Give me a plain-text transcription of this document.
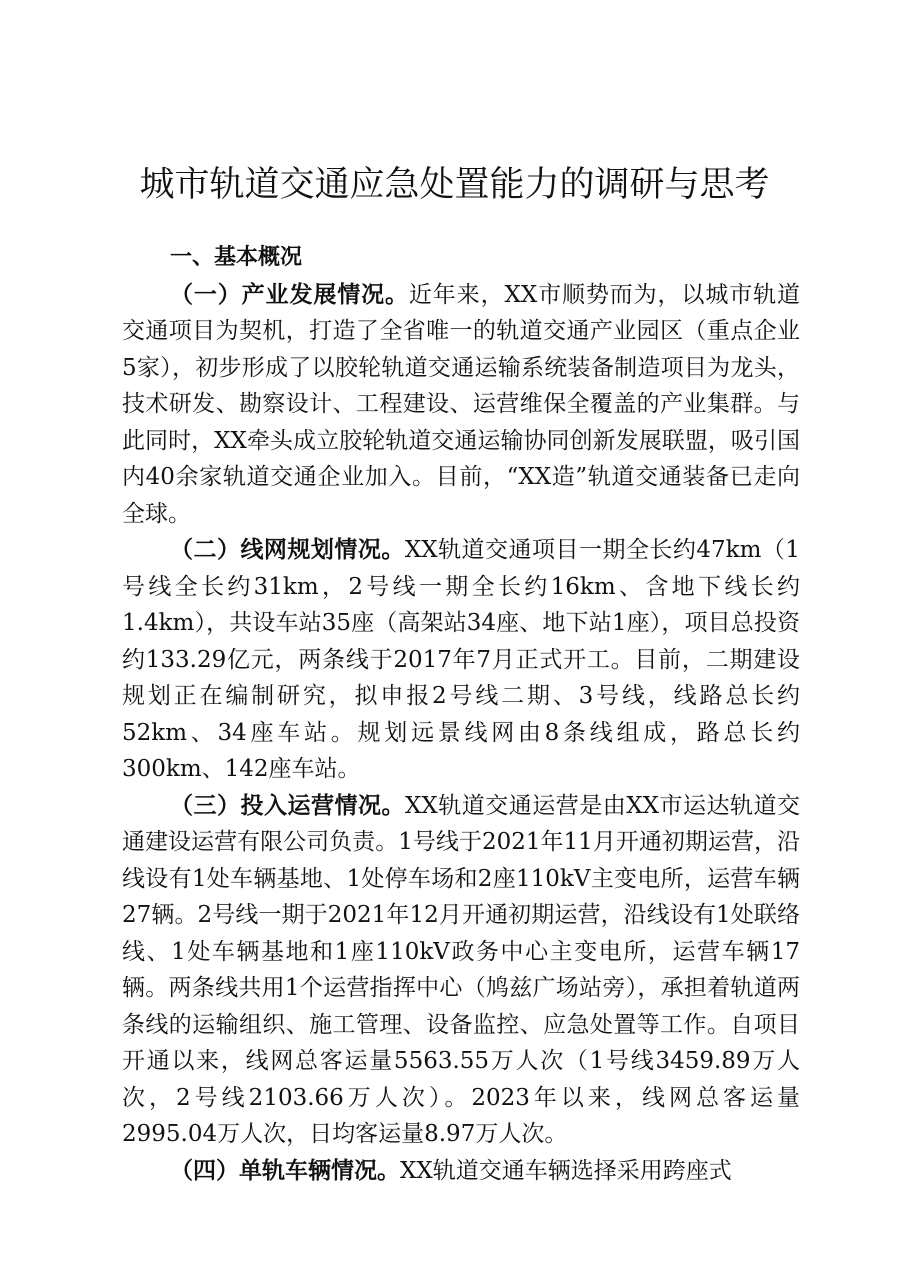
城市轨道交通应急处置能力的调研与思考

一、基本概况

（一）产业发展情况。近年来，XX市顺势而为，以城市轨道交通项目为契机，打造了全省唯一的轨道交通产业园区（重点企业5家），初步形成了以胶轮轨道交通运输系统装备制造项目为龙头，技术研发、勘察设计、工程建设、运营维保全覆盖的产业集群。与此同时，XX牵头成立胶轮轨道交通运输协同创新发展联盟，吸引国内40余家轨道交通企业加入。目前，“XX造”轨道交通装备已走向全球。

（二）线网规划情况。XX轨道交通项目一期全长约47km（1号线全长约31km，2号线一期全长约16km、含地下线长约1.4km），共设车站35座（高架站34座、地下站1座），项目总投资约133.29亿元，两条线于2017年7月正式开工。目前，二期建设规划正在编制研究，拟申报2号线二期、3号线，线路总长约52km、34座车站。规划远景线网由8条线组成，路总长约300km、142座车站。

（三）投入运营情况。XX轨道交通运营是由XX市运达轨道交通建设运营有限公司负责。1号线于2021年11月开通初期运营，沿线设有1处车辆基地、1处停车场和2座110kV主变电所，运营车辆27辆。2号线一期于2021年12月开通初期运营，沿线设有1处联络线、1处车辆基地和1座110kV政务中心主变电所，运营车辆17辆。两条线共用1个运营指挥中心（鸠兹广场站旁），承担着轨道两条线的运输组织、施工管理、设备监控、应急处置等工作。自项目开通以来，线网总客运量5563.55万人次（1号线3459.89万人次，2号线2103.66万人次）。2023年以来，线网总客运量2995.04万人次，日均客运量8.97万人次。

（四）单轨车辆情况。XX轨道交通车辆选择采用跨座式
